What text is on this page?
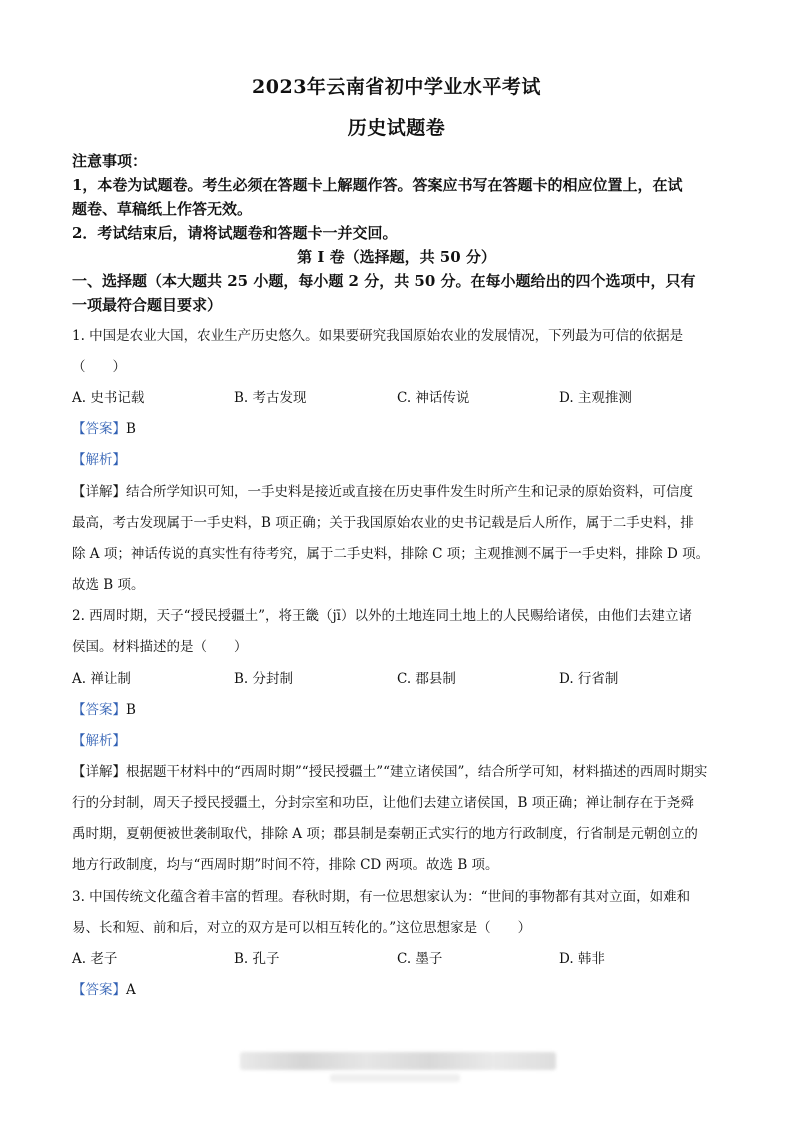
2023年云南省初中学业水平考试
历史试题卷
注意事项：
1，本卷为试题卷。考生必须在答题卡上解题作答。答案应书写在答题卡的相应位置上，在试
题卷、草稿纸上作答无效。
2．考试结束后，请将试题卷和答题卡一并交回。
第 I 卷（选择题，共 50 分）
一、选择题（本大题共 25 小题，每小题 2 分，共 50 分。在每小题给出的四个选项中，只有
一项最符合题目要求）
1. 中国是农业大国，农业生产历史悠久。如果要研究我国原始农业的发展情况，下列最为可信的依据是
（　　）
A. 史书记载	B. 考古发现	C. 神话传说	D. 主观推测
【答案】B
【解析】
【详解】结合所学知识可知，一手史料是接近或直接在历史事件发生时所产生和记录的原始资料，可信度
最高，考古发现属于一手史料，B 项正确；关于我国原始农业的史书记载是后人所作，属于二手史料，排
除 A 项；神话传说的真实性有待考究，属于二手史料，排除 C 项；主观推测不属于一手史料，排除 D 项。
故选 B 项。
2. 西周时期，天子“授民授疆土”，将王畿（jī）以外的土地连同土地上的人民赐给诸侯，由他们去建立诸
侯国。材料描述的是（　　）
A. 禅让制	B. 分封制	C. 郡县制	D. 行省制
【答案】B
【解析】
【详解】根据题干材料中的“西周时期”“授民授疆土”“建立诸侯国”，结合所学可知，材料描述的西周时期实
行的分封制，周天子授民授疆土，分封宗室和功臣，让他们去建立诸侯国，B 项正确；禅让制存在于尧舜
禹时期，夏朝便被世袭制取代，排除 A 项；郡县制是秦朝正式实行的地方行政制度，行省制是元朝创立的
地方行政制度，均与“西周时期”时间不符，排除 CD 两项。故选 B 项。
3. 中国传统文化蕴含着丰富的哲理。春秋时期，有一位思想家认为：“世间的事物都有其对立面，如难和
易、长和短、前和后，对立的双方是可以相互转化的。”这位思想家是（　　）
A. 老子	B. 孔子	C. 墨子	D. 韩非
【答案】A
